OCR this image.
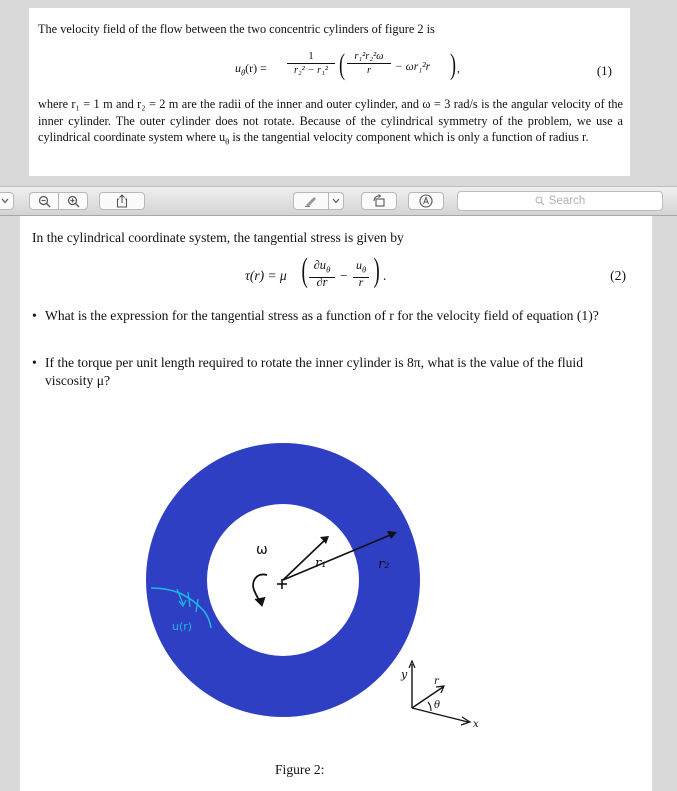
The velocity field of the flow between the two concentric cylinders of figure 2 is

$u_\theta(r)$ =
1
r₂² − r₁² ( r₁²r₂²ω
r	− ωr₁²r ) ,	(1)

where r₁ = 1 m and r₂ = 2 m are the radii of the inner and outer cylinder, and ω = 3 rad/s is the angular velocity of the inner cylinder. The outer cylinder does not rotate. Because of the cylindrical symmetry of the problem, we use a cylindrical coordinate system where $u_\theta$ is the tangential velocity component which is only a function of radius r.

Search

In the cylindrical coordinate system, the tangential stress is given by

τ(r) = μ ( $\partial u_\theta$
∂r −
$u_\theta$
r ) .	(2)
• What is the expression for the tangential stress as a function of r for the velocity field of equation (1)?
• If the torque per unit length required to rotate the inner cylinder is 8π, what is the value of the fluid viscosity μ?
ω
r₁	r₂
u(r)
y
x
r
θ

Figure 2:
